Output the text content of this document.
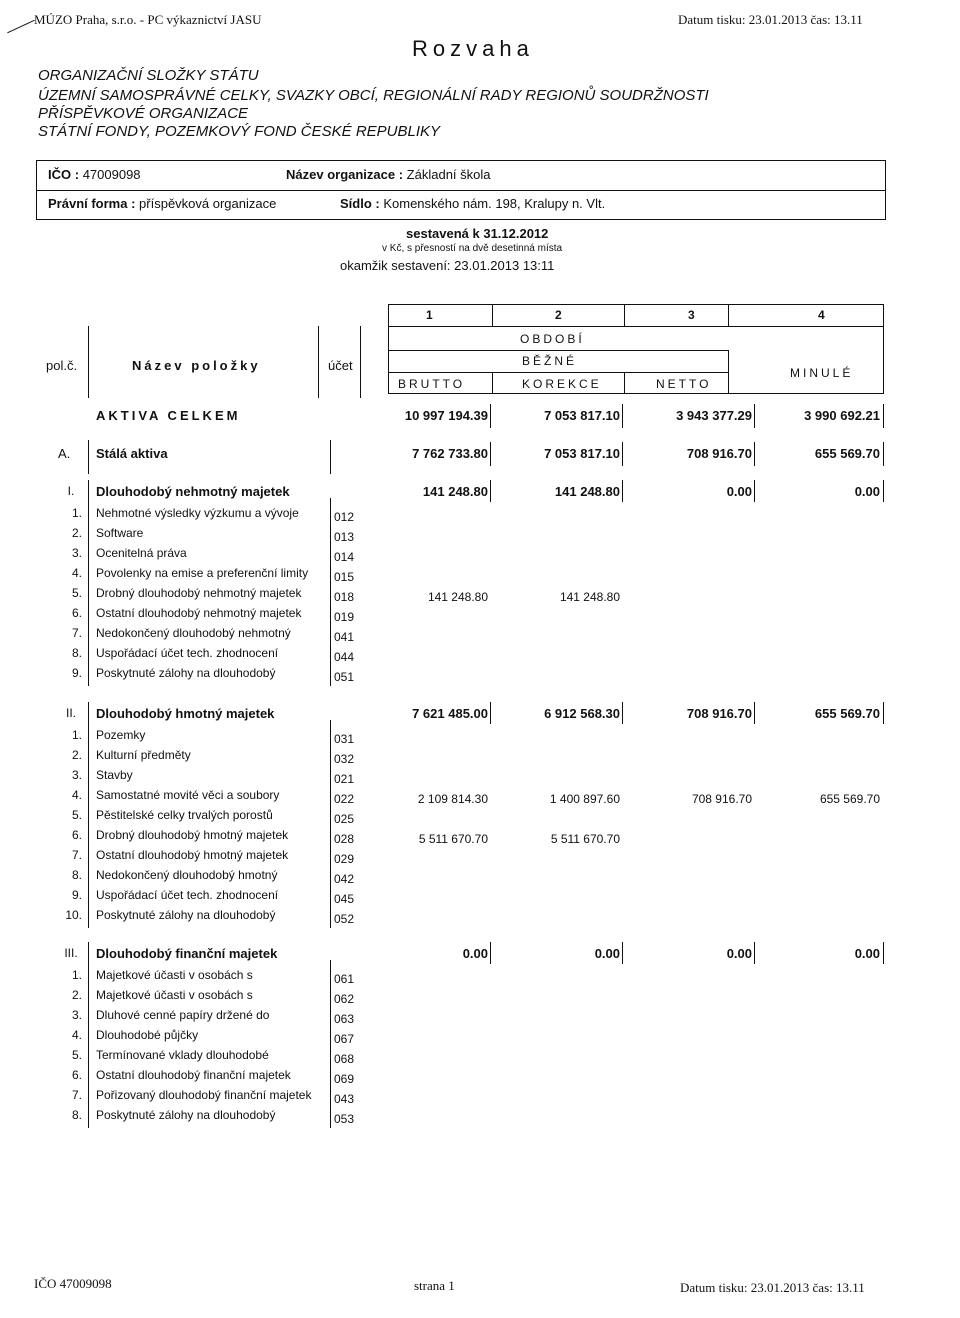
MÚZO Praha, s.r.o. - PC výkaznictví JASU	Datum tisku: 23.01.2013 čas: 13.11
Rozvaha
ORGANIZAČNÍ SLOŽKY STÁTU
ÚZEMNÍ SAMOSPRÁVNÉ CELKY, SVAZKY OBCÍ, REGIONÁLNÍ RADY REGIONŮ SOUDRŽNOSTI
PŘÍSPĚVKOVÉ ORGANIZACE
STÁTNÍ FONDY, POZEMKOVÝ FOND ČESKÉ REPUBLIKY
IČO : 47009098	Název organizace : Základní škola
Právní forma : příspěvková organizace	Sídlo : Komenského nám. 198, Kralupy n. Vlt.
sestavená k 31.12.2012
v Kč, s přesností na dvě desetinná místa
okamžik sestavení: 23.01.2013 13:11
1	2	3	4
OBDOBÍ
BĚŽNÉ
BRUTTO	KOREKCE	NETTO
MINULÉ
pol.č.	Název položky	účet
AKTIVA CELKEM	10 997 194.39	7 053 817.10	3 943 377.29	3 990 692.21
A. Stálá aktiva	7 762 733.80	7 053 817.10	708 916.70	655 569.70
I.	Dlouhodobý nehmotný majetek	141 248.80	141 248.80	0.00	0.00
1. Nehmotné výsledky výzkumu a vývoje	012
2. Software	013
3. Ocenitelná práva	014
4. Povolenky na emise a preferenční limity 015
5. Drobný dlouhodobý nehmotný majetek	018	141 248.80	141 248.80
6. Ostatní dlouhodobý nehmotný majetek	019
7. Nedokončený dlouhodobý nehmotný	041
8. Uspořádací účet tech. zhodnocení	044
9. Poskytnuté zálohy na dlouhodobý	051
II.	Dlouhodobý hmotný majetek	7 621 485.00	6 912 568.30	708 916.70	655 569.70
1. Pozemky	031
2. Kulturní předměty	032
3. Stavby	021
4. Samostatné movité věci a soubory	022	2 109 814.30	1 400 897.60	708 916.70	655 569.70
5. Pěstitelské celky trvalých porostů	025
6. Drobný dlouhodobý hmotný majetek	028	5 511 670.70	5 511 670.70
7. Ostatní dlouhodobý hmotný majetek	029
8. Nedokončený dlouhodobý hmotný	042
9. Uspořádací účet tech. zhodnocení	045
10. Poskytnuté zálohy na dlouhodobý	052
III.	Dlouhodobý finanční majetek	0.00	0.00	0.00	0.00
1. Majetkové účasti v osobách s	061
2. Majetkové účasti v osobách s	062
3. Dluhové cenné papíry držené do	063
4. Dlouhodobé půjčky	067
5. Termínované vklady dlouhodobé	068
6. Ostatní dlouhodobý finanční majetek	069
7. Pořizovaný dlouhodobý finanční majetek 043
8. Poskytnuté zálohy na dlouhodobý	053
IČO 47009098	strana 1	Datum tisku: 23.01.2013 čas: 13.11
